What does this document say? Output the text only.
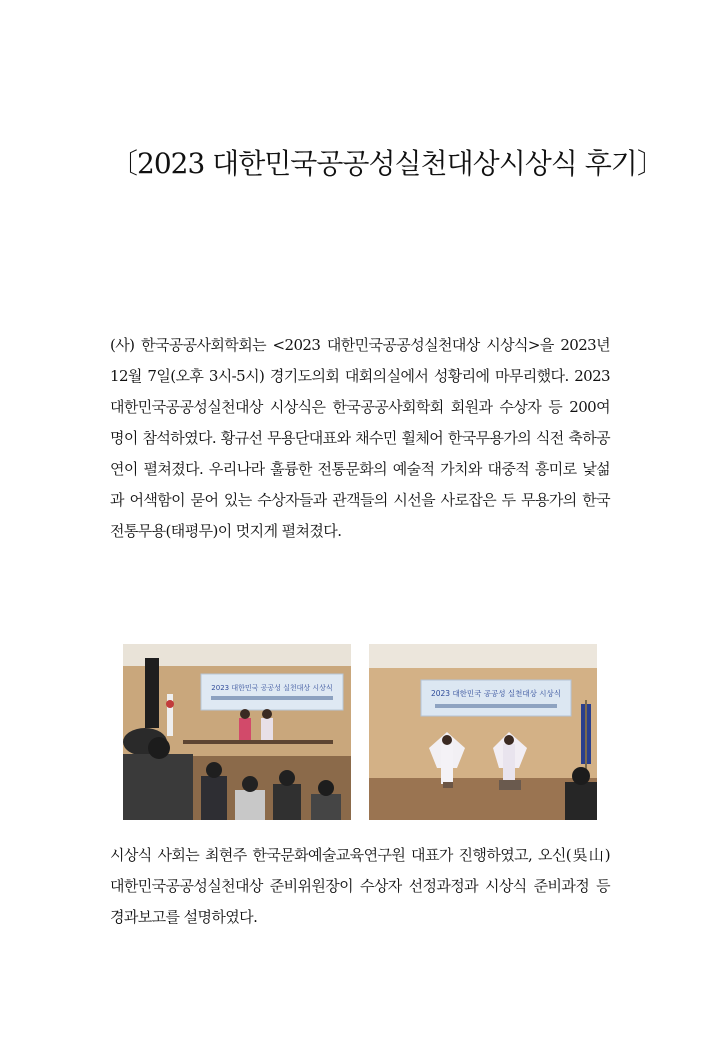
〔2023 대한민국공공성실천대상시상식 후기〕

(사) 한국공공사회학회는 <2023 대한민국공공성실천대상 시상식>을 2023년 12월 7일(오후 3시-5시) 경기도의회 대회의실에서 성황리에 마무리했다. 2023 대한민국공공성실천대상 시상식은 한국공공사회학회 회원과 수상자 등 200여 명이 참석하였다. 황규선 무용단대표와 채수민 휠체어 한국무용가의 식전 축하공연이 펼쳐졌다. 우리나라 훌륭한 전통문화의 예술적 가치와 대중적 흥미로 낯섦과 어색함이 묻어 있는 수상자들과 관객들의 시선을 사로잡은 두 무용가의 한국 전통무용(태평무)이 멋지게 펼쳐졌다.

2023 대한민국 공공성 실천대상 시상식
2023 대한민국 공공성 실천대상 시상식

시상식 사회는 최현주 한국문화예술교육연구원 대표가 진행하였고, 오신(吳山) 대한민국공공성실천대상 준비위원장이 수상자 선정과정과 시상식 준비과정 등 경과보고를 설명하였다.
